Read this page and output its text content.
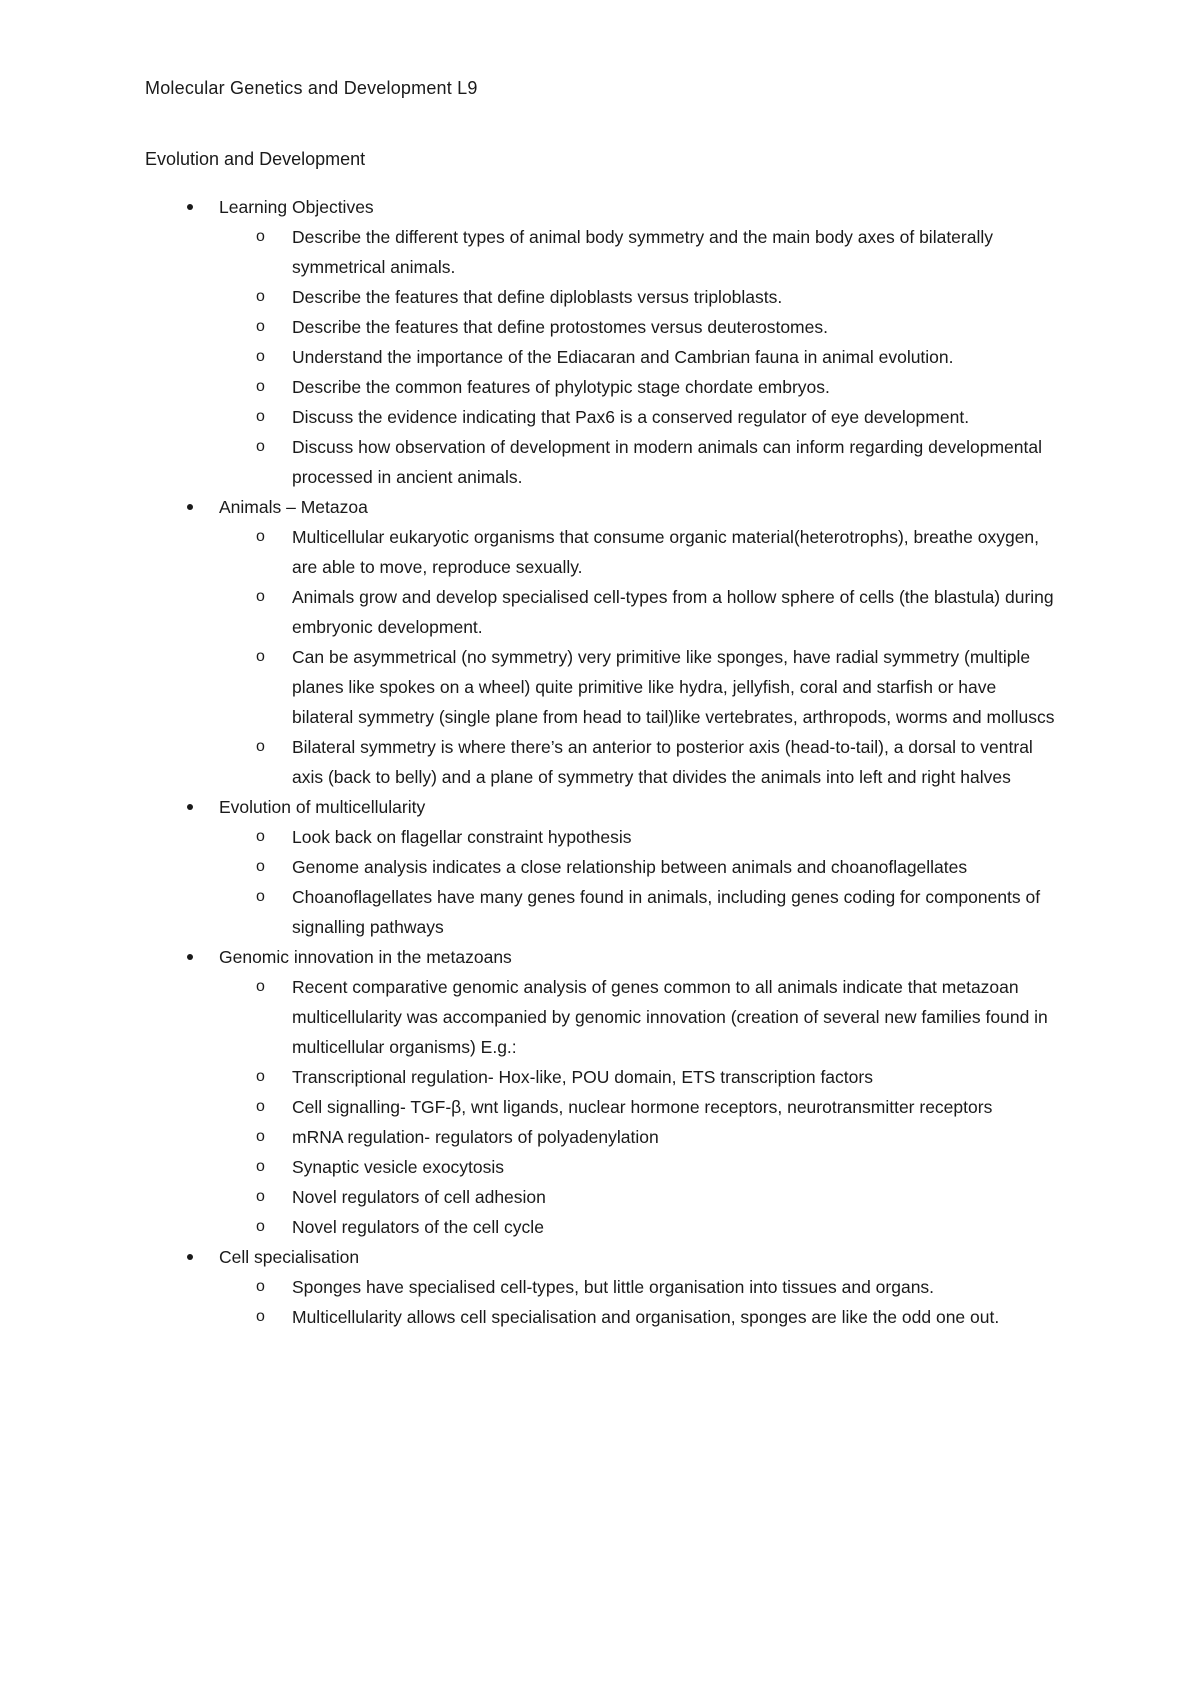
Molecular Genetics and Development L9
Evolution and Development
Learning Objectives
o Describe the different types of animal body symmetry and the main body axes of bilaterally symmetrical animals.
o Describe the features that define diploblasts versus triploblasts.
o Describe the features that define protostomes versus deuterostomes.
o Understand the importance of the Ediacaran and Cambrian fauna in animal evolution.
o Describe the common features of phylotypic stage chordate embryos.
o Discuss the evidence indicating that Pax6 is a conserved regulator of eye development.
o Discuss how observation of development in modern animals can inform regarding developmental processed in ancient animals.
Animals – Metazoa
o Multicellular eukaryotic organisms that consume organic material(heterotrophs), breathe oxygen, are able to move, reproduce sexually.
o Animals grow and develop specialised cell-types from a hollow sphere of cells (the blastula) during embryonic development.
o Can be asymmetrical (no symmetry) very primitive like sponges, have radial symmetry (multiple planes like spokes on a wheel) quite primitive like hydra, jellyfish, coral and starfish or have bilateral symmetry (single plane from head to tail)like vertebrates, arthropods, worms and molluscs
o Bilateral symmetry is where there’s an anterior to posterior axis (head-to-tail), a dorsal to ventral axis (back to belly) and a plane of symmetry that divides the animals into left and right halves
Evolution of multicellularity
o Look back on flagellar constraint hypothesis
o Genome analysis indicates a close relationship between animals and choanoflagellates
o Choanoflagellates have many genes found in animals, including genes coding for components of signalling pathways
Genomic innovation in the metazoans
o Recent comparative genomic analysis of genes common to all animals indicate that metazoan multicellularity was accompanied by genomic innovation (creation of several new families found in multicellular organisms) E.g.:
o Transcriptional regulation- Hox-like, POU domain, ETS transcription factors
o Cell signalling- TGF-β, wnt ligands, nuclear hormone receptors, neurotransmitter receptors
o mRNA regulation- regulators of polyadenylation
o Synaptic vesicle exocytosis
o Novel regulators of cell adhesion
o Novel regulators of the cell cycle
Cell specialisation
o Sponges have specialised cell-types, but little organisation into tissues and organs.
o Multicellularity allows cell specialisation and organisation, sponges are like the odd one out.
